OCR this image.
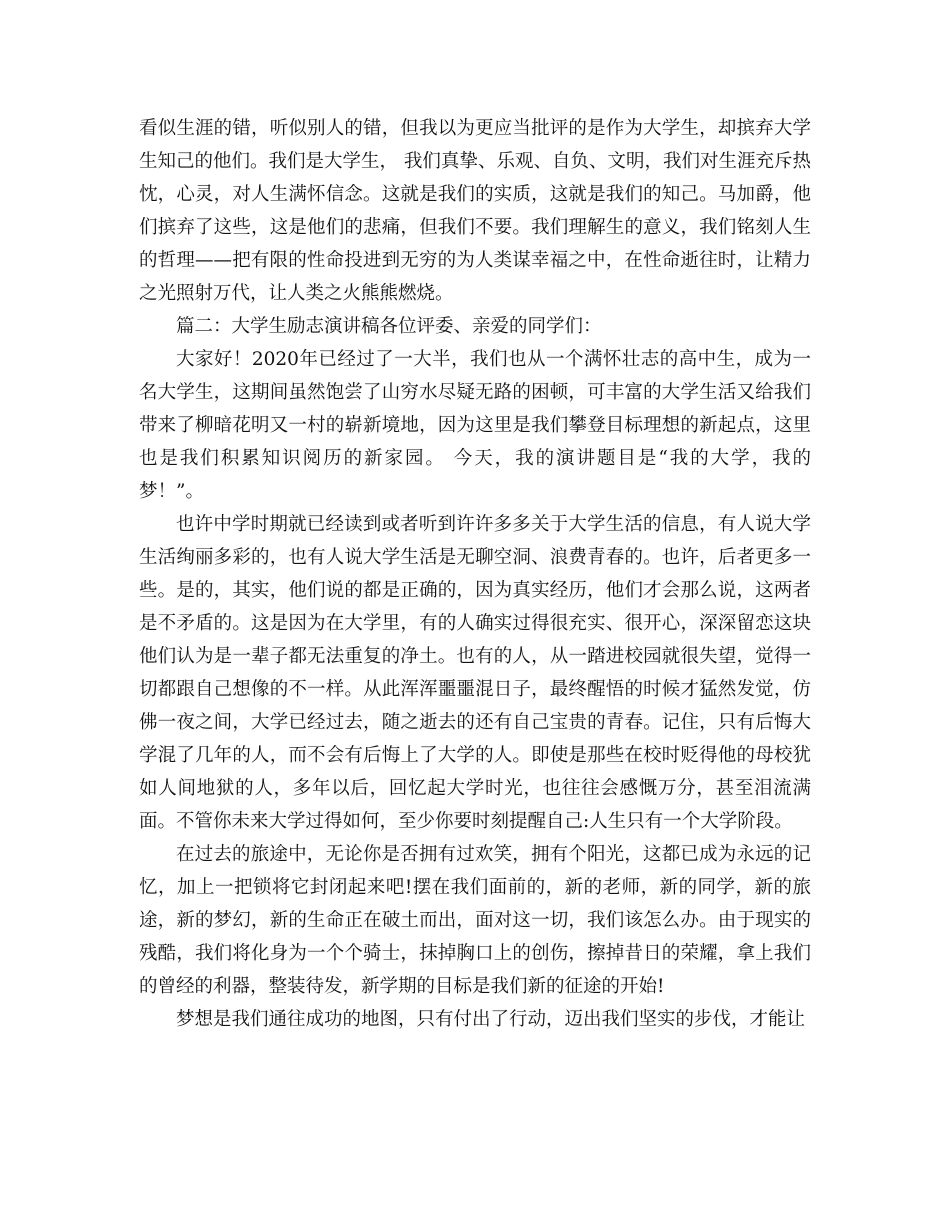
看似生涯的错，听似别人的错，但我以为更应当批评的是作为大学生，却摈弃大学生知己的他们。我们是大学生， 我们真挚、乐观、自负、文明，我们对生涯充斥热忱，心灵，对人生满怀信念。这就是我们的实质，这就是我们的知己。马加爵，他们摈弃了这些，这是他们的悲痛，但我们不要。我们理解生的意义，我们铭刻人生的哲理——把有限的性命投进到无穷的为人类谋幸福之中，在性命逝往时，让精力之光照射万代，让人类之火熊熊燃烧。

篇二：大学生励志演讲稿各位评委、亲爱的同学们：

大家好！2020年已经过了一大半，我们也从一个满怀壮志的高中生，成为一名大学生，这期间虽然饱尝了山穷水尽疑无路的困顿，可丰富的大学生活又给我们带来了柳暗花明又一村的崭新境地，因为这里是我们攀登目标理想的新起点，这里也是我们积累知识阅历的新家园。 今天，我的演讲题目是“我的大学，我的梦！”。

也许中学时期就已经读到或者听到许许多多关于大学生活的信息，有人说大学生活绚丽多彩的，也有人说大学生活是无聊空洞、浪费青春的。也许，后者更多一些。是的，其实，他们说的都是正确的，因为真实经历，他们才会那么说，这两者是不矛盾的。这是因为在大学里，有的人确实过得很充实、很开心，深深留恋这块他们认为是一辈子都无法重复的净土。也有的人，从一踏进校园就很失望，觉得一切都跟自己想像的不一样。从此浑浑噩噩混日子，最终醒悟的时候才猛然发觉，仿佛一夜之间，大学已经过去，随之逝去的还有自己宝贵的青春。记住，只有后悔大学混了几年的人，而不会有后悔上了大学的人。即使是那些在校时贬得他的母校犹如人间地狱的人，多年以后，回忆起大学时光，也往往会感慨万分，甚至泪流满面。不管你未来大学过得如何，至少你要时刻提醒自己:人生只有一个大学阶段。

在过去的旅途中，无论你是否拥有过欢笑，拥有个阳光，这都已成为永远的记忆，加上一把锁将它封闭起来吧!摆在我们面前的，新的老师，新的同学，新的旅途，新的梦幻，新的生命正在破土而出，面对这一切，我们该怎么办。由于现实的残酷，我们将化身为一个个骑士，抹掉胸口上的创伤，擦掉昔日的荣耀，拿上我们的曾经的利器，整装待发，新学期的目标是我们新的征途的开始!

梦想是我们通往成功的地图，只有付出了行动，迈出我们坚实的步伐，才能让
